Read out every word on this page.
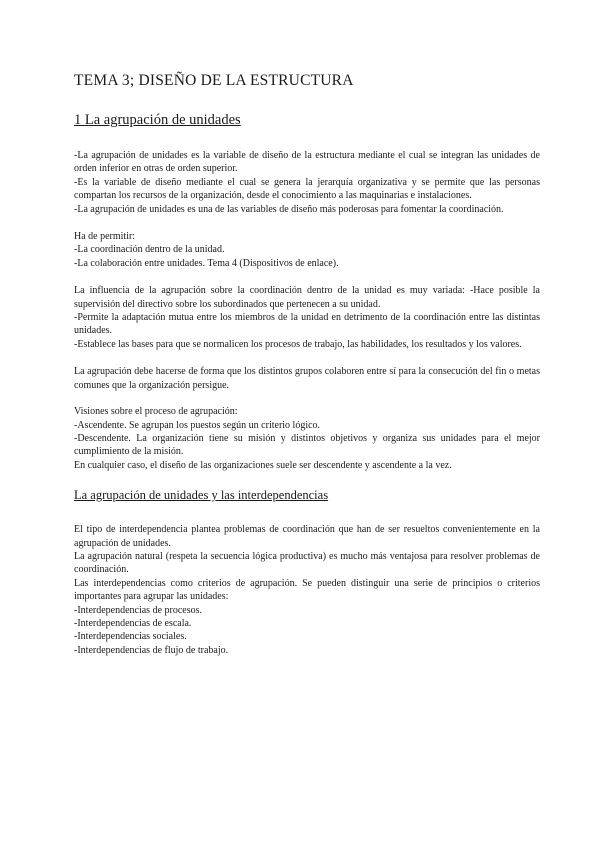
TEMA 3; DISEÑO DE LA ESTRUCTURA
1 La agrupación de unidades

-La agrupación de unidades es la variable de diseño de la estructura mediante el cual se integran las unidades de orden inferior en otras de orden superior.

-Es la variable de diseño mediante el cual se genera la jerarquía organizativa y se permite que las personas compartan los recursos de la organización, desde el conocimiento a las maquinarias e instalaciones.

-La agrupación de unidades es una de las variables de diseño más poderosas para fomentar la coordinación.

Ha de permitir:

-La coordinación dentro de la unidad.

-La colaboración entre unidades. Tema 4 (Dispositivos de enlace).

La influencia de la agrupación sobre la coordinación dentro de la unidad es muy variada: -Hace posible la supervisión del directivo sobre los subordinados que pertenecen a su unidad.

-Permite la adaptación mutua entre los miembros de la unidad en detrimento de la coordinación entre las distintas unidades.

-Establece las bases para que se normalicen los procesos de trabajo, las habilidades, los resultados y los valores.

La agrupación debe hacerse de forma que los distintos grupos colaboren entre sí para la consecución del fin o metas comunes que la organización persigue.

Visiones sobre el proceso de agrupación:

-Ascendente. Se agrupan los puestos según un criterio lógico.

-Descendente. La organización tiene su misión y distintos objetivos y organiza sus unidades para el mejor cumplimiento de la misión.

En cualquier caso, el diseño de las organizaciones suele ser descendente y ascendente a la vez.

La agrupación de unidades y las interdependencias

El tipo de interdependencia plantea problemas de coordinación que han de ser resueltos convenientemente en la agrupación de unidades.

La agrupación natural (respeta la secuencia lógica productiva) es mucho más ventajosa para resolver problemas de coordinación.

Las interdependencias como criterios de agrupación. Se pueden distinguir una serie de principios o criterios importantes para agrupar las unidades:

-Interdependencias de procesos.

-Interdependencias de escala.

-Interdependencias sociales.

-Interdependencias de flujo de trabajo.
